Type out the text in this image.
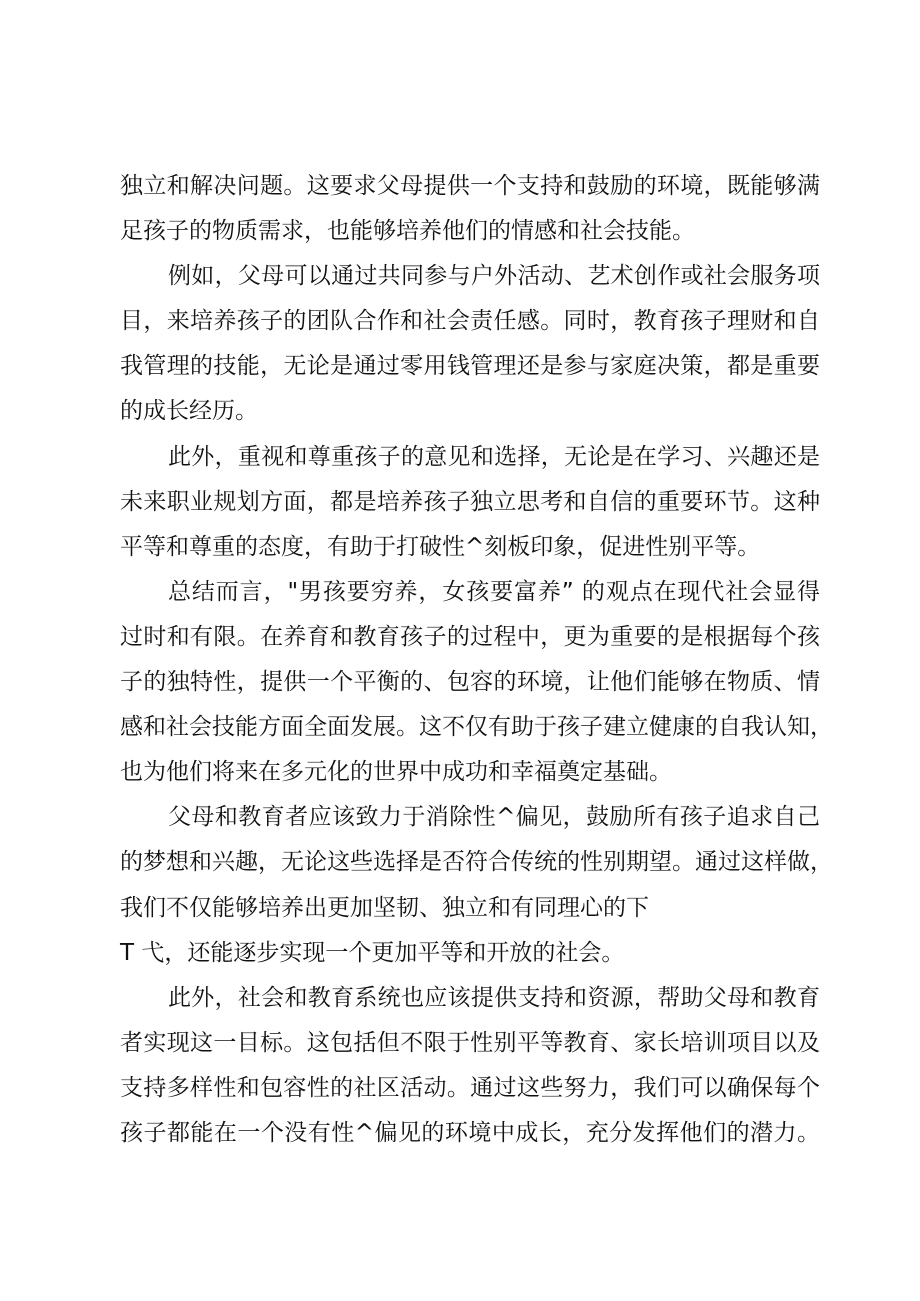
独立和解决问题。这要求父母提供一个支持和鼓励的环境，既能够满
足孩子的物质需求，也能够培养他们的情感和社会技能。
例如，父母可以通过共同参与户外活动、艺术创作或社会服务项
目，来培养孩子的团队合作和社会责任感。同时，教育孩子理财和自
我管理的技能，无论是通过零用钱管理还是参与家庭决策，都是重要
的成长经历。
此外，重视和尊重孩子的意见和选择，无论是在学习、兴趣还是
未来职业规划方面，都是培养孩子独立思考和自信的重要环节。这种
平等和尊重的态度，有助于打破性^刻板印象，促进性别平等。
总结而言，"男孩要穷养，女孩要富养” 的观点在现代社会显得
过时和有限。在养育和教育孩子的过程中，更为重要的是根据每个孩
子的独特性，提供一个平衡的、包容的环境，让他们能够在物质、情
感和社会技能方面全面发展。这不仅有助于孩子建立健康的自我认知，
也为他们将来在多元化的世界中成功和幸福奠定基础。
父母和教育者应该致力于消除性^偏见，鼓励所有孩子追求自己
的梦想和兴趣，无论这些选择是否符合传统的性别期望。通过这样做，
我们不仅能够培养出更加坚韧、独立和有同理心的下
T 弋，还能逐步实现一个更加平等和开放的社会。
此外，社会和教育系统也应该提供支持和资源，帮助父母和教育
者实现这一目标。这包括但不限于性别平等教育、家长培训项目以及
支持多样性和包容性的社区活动。通过这些努力，我们可以确保每个
孩子都能在一个没有性^偏见的环境中成长，充分发挥他们的潜力。
